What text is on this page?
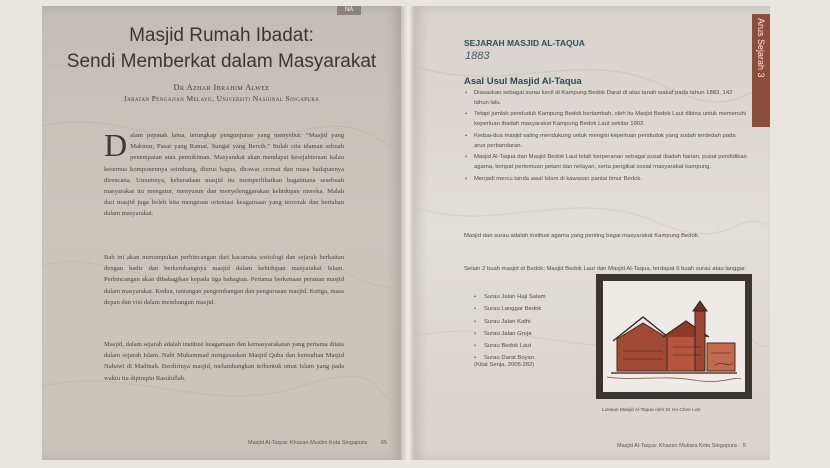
NA
Masjid Rumah Ibadat:
Sendi Memberkat dalam Masyarakat
Dr Azhar Ibrahim Alwee
Jabatan Pengajian Melayu, Universiti Nasional Singapura
Dalam pepatah lama, terungkap pengunjuran yang menyebut: “Masjid yang Makmur, Pasar yang Ramai, Sungai yang Bersih.” Itulah cita idaman sebuah penempatan atau pemukiman. Masyarakat akan mendapat kesejahteraan kalau kesemua komponennya seimbang, diurus bagus, dirawat cermat dan masa hadapannya direncana. Umumnya, keberadaan masjid itu memperlihatkan bagaimana sesebuah masyarakat itu mengatur, menyusun dan menyelenggarakan kehidupan mereka. Malah dari masjid juga boleh kita mengesan orientasi keagamaan yang tercorak dan bertahan dalam masyarakat.
Bab ini akan menumpukan perbincangan dari kacamata sosiologi dan sejarah berkaitan dengan hadir dan berkembangnya masjid dalam kehidupan masyarakat Islam. Perbincangan akan dibahagikan kepada tiga bahagian. Pertama berkenaan peranan masjid dalam masyarakat. Kedua, tantangan pengembangan dan pengurusan masjid. Ketiga, masa depan dan visi dalam membangun masjid.
Masjid, dalam sejarah adalah institusi keagamaan dan kemasyarakatan yang pertama ditata dalam sejarah Islam. Nabi Muhammad mengasaskan Masjid Quba dan kemudian Masjid Nabawi di Madinah. Berdirinya masjid, melambangkan terbentuk umat Islam yang pada waktu itu dipimpin Rasulullah.
Masjid Al-Taqua: Khazan Muslim Kota Singapura	65
Arus Sejarah 3
SEJARAH MASJID AL-TAQUA
1883
Asal Usul Masjid Al-Taqua
• Diasaskan sebagai surau kecil di Kampung Bedok Darat di atas tanah wakaf pada tahun 1883, 142 tahun lalu.
• Tetapi jumlah penduduk Kampung Bedok bertambah, oleh itu Masjid Bedok Laut dibina untuk memenuhi keperluan ibadah masyarakat Kampung Bedok Laut sekitar 1902.
• Kedua-dua masjid saling mendukung untuk mengisi keperluan penduduk yang sudah terdedah pada arus perbandaran.
• Masjid Al-Taqua dan Masjid Bedok Laut telah berperanan sebagai pusat ibadah harian, pusat pendidikan agama, tempat pertemuan petani dan nelayan, serta pengikat sosial masyarakat kampung.
• Menjadi mercu tanda awal Islam di kawasan pantai timur Bedok.
Masjid dan surau adalah institusi agama yang penting bagai masyarakat Kampung Bedok.
Selain 2 buah masjid di Bedok; Masjid Bedok Laut dan Masjid Al-Taqua, terdapat 6 buah surau atau langgar.
• Surau Jalan Haji Salam
• Surau Langgar Bedok
• Surau Jalan Kathi
• Surau Jalan Greja
• Surau Bedok Laut
• Surau Darat Boyan.
(Kitat Senja, 2005:282)
Lukisan Masjid Al-Taqua oleh Dr Ho Chee Lick
Masjid Al-Taqua: Khazan Mutiara Kota Singapura 5
